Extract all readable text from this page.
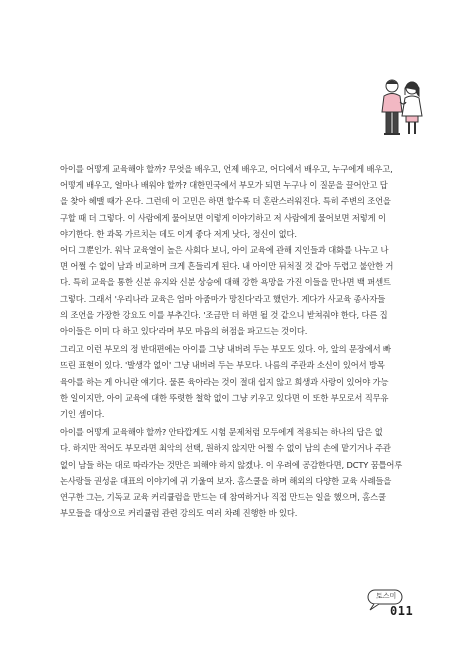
아이를 어떻게 교육해야 할까? 무엇을 배우고, 언제 배우고, 어디에서 배우고, 누구에게 배우고,
어떻게 배우고, 얼마나 배워야 할까? 대한민국에서 부모가 되면 누구나 이 질문을 끌어안고 답
을 찾아 헤맬 때가 온다. 그런데 이 고민은 하면 할수록 더 혼란스러워진다. 특히 주변의 조언을
구할 때 더 그렇다. 이 사람에게 물어보면 이렇게 이야기하고 저 사람에게 물어보면 저렇게 이
야기한다. 한 과목 가르치는 데도 이게 좋다 저게 낫다, 정신이 없다.

어디 그뿐인가. 워낙 교육열이 높은 사회다 보니, 아이 교육에 관해 지인들과 대화를 나누고 나
면 어쩔 수 없이 남과 비교하며 크게 흔들리게 된다. 내 아이만 뒤처질 것 같아 두렵고 불안한 거
다. 특히 교육을 통한 신분 유지와 신분 상승에 대해 강한 욕망을 가진 이들을 만나면 백 퍼센트
그렇다. 그래서 '우리나라 교육은 엄마 아줌마가 망친다'라고 했던가. 게다가 사교육 종사자들
의 조언을 가장한 강요도 이를 부추긴다. '조금만 더 하면 될 것 같으니 받쳐줘야 한다, 다른 집
아이들은 이미 다 하고 있다'라며 부모 마음의 허점을 파고드는 것이다.

그리고 이런 부모의 정 반대편에는 아이를 그냥 내버려 두는 부모도 있다. 아, 앞의 문장에서 빠
뜨린 표현이 있다. '발생각 없이' 그냥 내버려 두는 부모다. 나름의 주관과 소신이 있어서 방목
육아를 하는 게 아니란 얘기다. 물론 육아라는 것이 절대 쉽지 않고 희생과 사랑이 있어야 가능
한 일이지만, 아이 교육에 대한 뚜렷한 철학 없이 그냥 키우고 있다면 이 또한 부모로서 직무유
기인 셈이다.

아이를 어떻게 교육해야 할까? 안타깝게도 시험 문제처럼 모두에게 적용되는 하나의 답은 없
다. 하지만 적어도 부모라면 최악의 선택, 원하지 않지만 어쩔 수 없이 남의 손에 맡기거나 주관
없이 남들 하는 대로 따라가는 것만은 피해야 하지 않겠나. 이 우려에 공감한다면, DCTY 꿈틀어루
논사랑들 권성윤 대표의 이야기에 귀 기울여 보자. 홈스쿨을 하며 해외의 다양한 교육 사례들을
연구한 그는, 기독교 교육 커리큘럼을 만드는 데 참여하거나 직접 만드는 일을 했으며, 홈스쿨
부모들을 대상으로 커리큘럼 관련 강의도 여러 차례 진행한 바 있다.

토스미
011
